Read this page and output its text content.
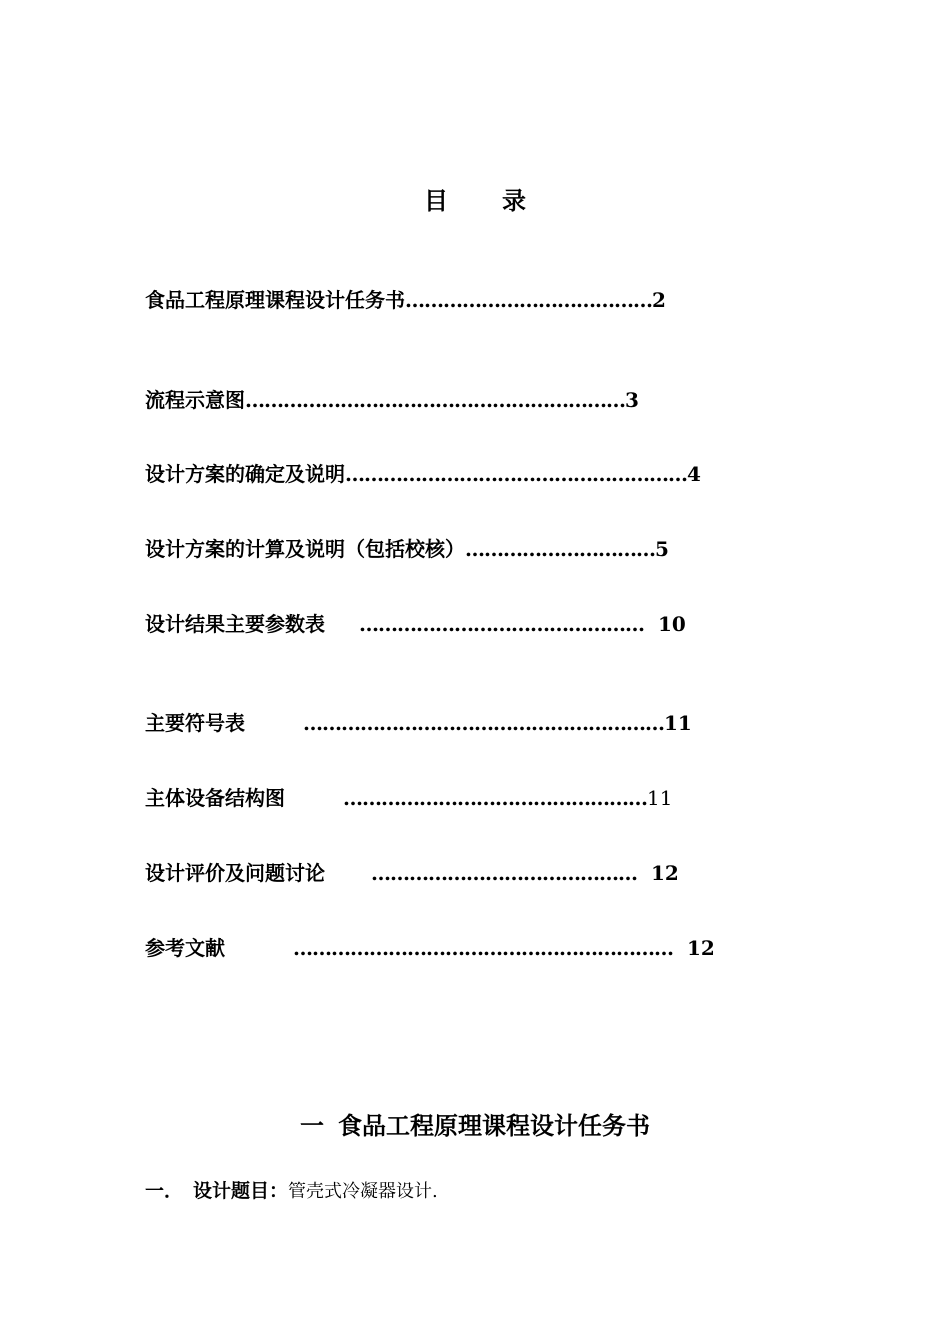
目 录
食品工程原理课程设计任务书…………………………………2
流程示意图……………………………………………………3
设计方案的确定及说明………………………………………………4
设计方案的计算及说明（包括校核）…………………………5
设计结果主要参数表 ……………………………………… 10
主要符号表	…………………………………………………11
主体设备结构图	…………………………………………11
设计评价及问题讨论 …………………………………… 12
参考文献	…………………………………………………… 12
一 食品工程原理课程设计任务书
一． 设计题目：管壳式冷凝器设计.
